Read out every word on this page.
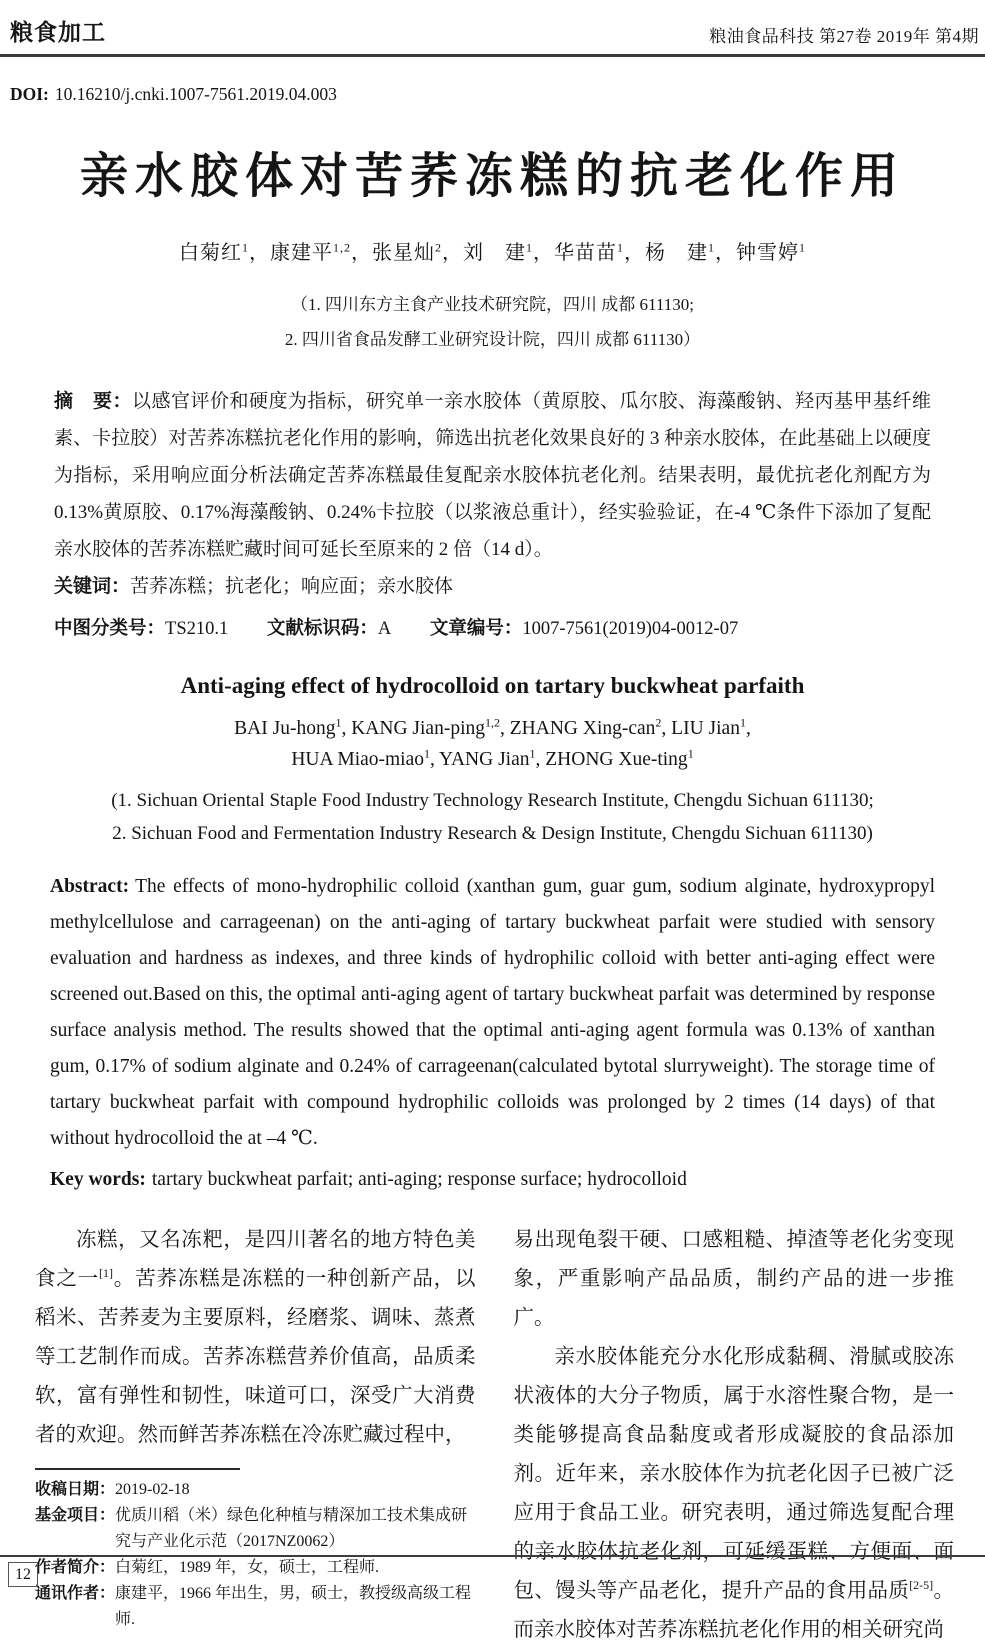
粮食加工	粮油食品科技 第27卷 2019年 第4期
DOI: 10.16210/j.cnki.1007-7561.2019.04.003
亲水胶体对苦荞冻糕的抗老化作用
白菊红$^1$，康建平$^{1,2}$，张星灿$^2$，刘　建$^1$，华苗苗$^1$，杨　建$^1$，钟雪婷$^1$
（1. 四川东方主食产业技术研究院，四川 成都 611130;
2. 四川省食品发酵工业研究设计院，四川 成都 611130）

摘　要：以感官评价和硬度为指标，研究单一亲水胶体（黄原胶、瓜尔胶、海藻酸钠、羟丙基甲基纤维素、卡拉胶）对苦荞冻糕抗老化作用的影响，筛选出抗老化效果良好的 3 种亲水胶体，在此基础上以硬度为指标，采用响应面分析法确定苦荞冻糕最佳复配亲水胶体抗老化剂。结果表明，最优抗老化剂配方为 0.13%黄原胶、0.17%海藻酸钠、0.24%卡拉胶（以浆液总重计），经实验验证，在-4 ℃条件下添加了复配亲水胶体的苦荞冻糕贮藏时间可延长至原来的 2 倍（14 d）。

关键词：苦荞冻糕；抗老化；响应面；亲水胶体

中图分类号：TS210.1 文献标识码：A 文章编号：1007-7561(2019)04-0012-07

Anti-aging effect of hydrocolloid on tartary buckwheat parfaith
BAI Ju-hong$^1$, KANG Jian-ping$^{1,2}$, ZHANG Xing-can$^2$, LIU Jian$^1$,
HUA Miao-miao$^1$, YANG Jian$^1$, ZHONG Xue-ting$^1$
(1. Sichuan Oriental Staple Food Industry Technology Research Institute, Chengdu Sichuan 611130;
2. Sichuan Food and Fermentation Industry Research & Design Institute, Chengdu Sichuan 611130)

Abstract: The effects of mono-hydrophilic colloid (xanthan gum, guar gum, sodium alginate, hydroxypropyl methylcellulose and carrageenan) on the anti-aging of tartary buckwheat parfait were studied with sensory evaluation and hardness as indexes, and three kinds of hydrophilic colloid with better anti-aging effect were screened out.Based on this, the optimal anti-aging agent of tartary buckwheat parfait was determined by response surface analysis method. The results showed that the optimal anti-aging agent formula was 0.13% of xanthan gum, 0.17% of sodium alginate and 0.24% of carrageenan(calculated bytotal slurryweight). The storage time of tartary buckwheat parfait with compound hydrophilic colloids was prolonged by 2 times (14 days) of that without hydrocolloid the at –4 ℃.

Key words: tartary buckwheat parfait; anti-aging; response surface; hydrocolloid

冻糕，又名冻粑，是四川著名的地方特色美食之一[1]。苦荞冻糕是冻糕的一种创新产品，以稻米、苦荞麦为主要原料，经磨浆、调味、蒸煮等工艺制作而成。苦荞冻糕营养价值高，品质柔软，富有弹性和韧性，味道可口，深受广大消费者的欢迎。然而鲜苦荞冻糕在冷冻贮藏过程中，

收稿日期： 2019-02-18
基金项目： 优质川稻（米）绿色化种植与精深加工技术集成研究与产业化示范（2017NZ0062）
作者简介： 白菊红，1989 年，女，硕士，工程师.
通讯作者： 康建平，1966 年出生，男，硕士，教授级高级工程师.

易出现龟裂干硬、口感粗糙、掉渣等老化劣变现象，严重影响产品品质，制约产品的进一步推广。

亲水胶体能充分水化形成黏稠、滑腻或胶冻状液体的大分子物质，属于水溶性聚合物，是一类能够提高食品黏度或者形成凝胶的食品添加剂。近年来，亲水胶体作为抗老化因子已被广泛应用于食品工业。研究表明，通过筛选复配合理的亲水胶体抗老化剂，可延缓蛋糕、方便面、面包、馒头等产品老化，提升产品的食用品质[2-5]。而亲水胶体对苦荞冻糕抗老化作用的相关研究尚

12
